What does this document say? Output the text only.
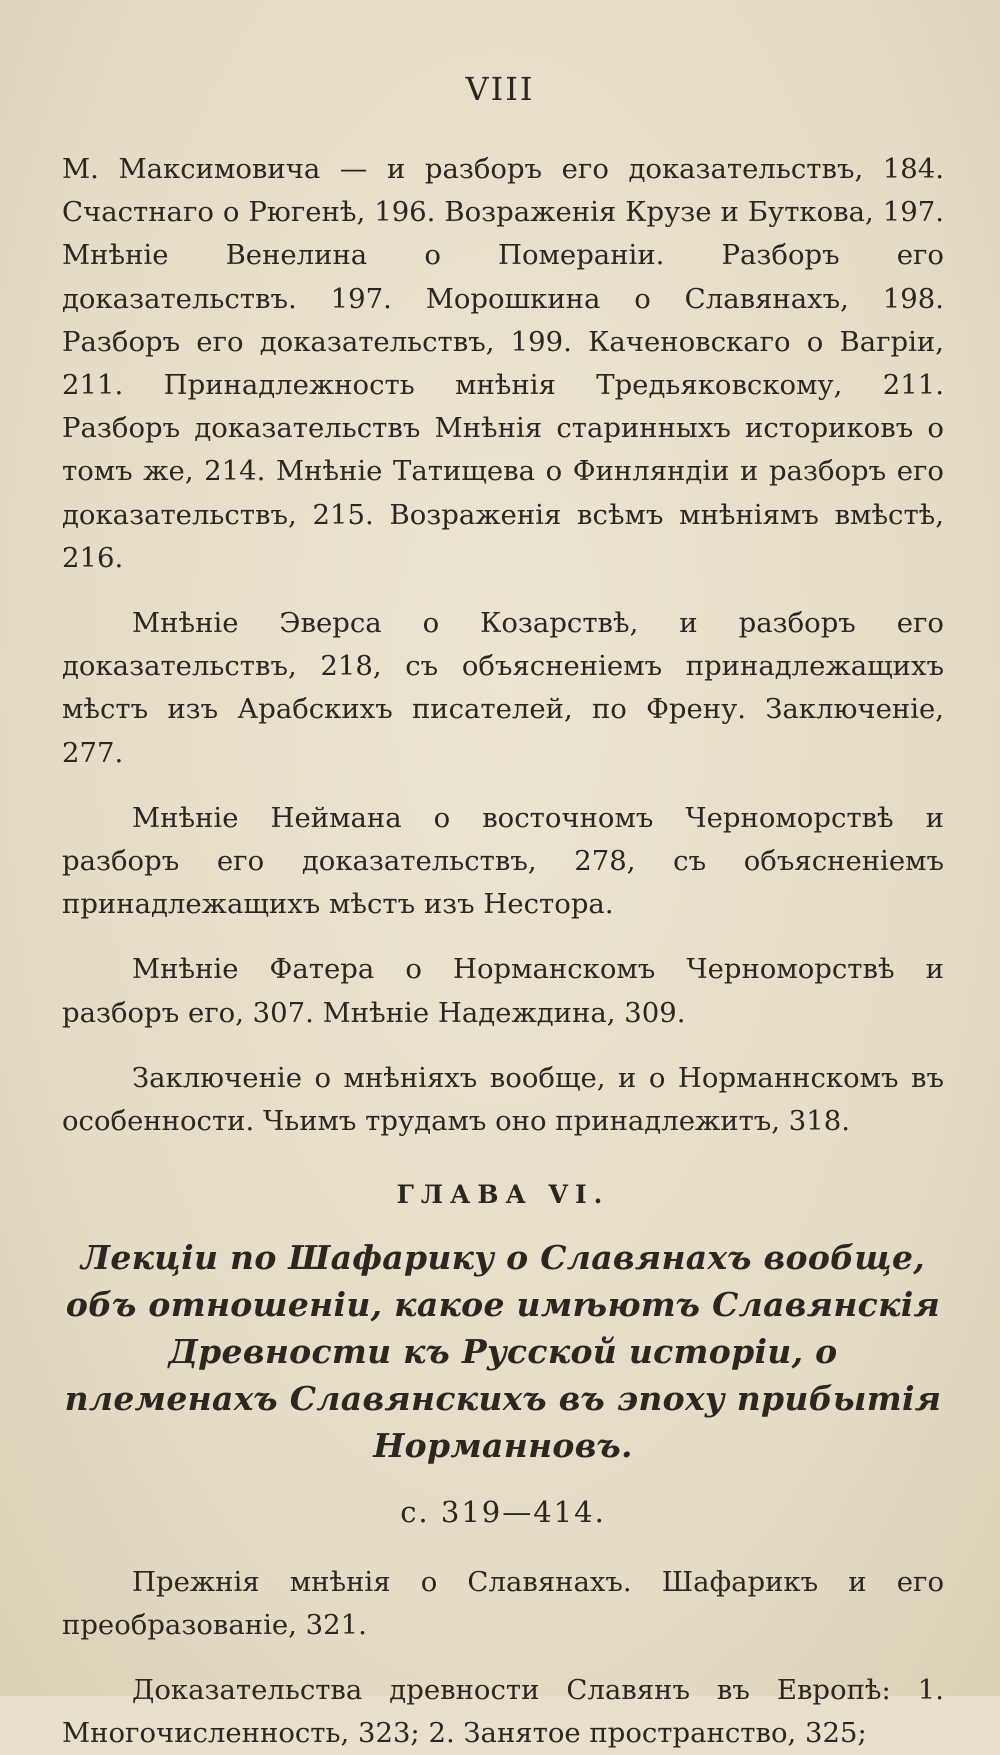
VIII

М. Максимовича — и разборъ его доказательствъ, 184. Счастнаго о Рюгенѣ, 196. Возраженія Крузе и Буткова, 197. Мнѣніе Венелина о Помераніи. Разборъ его доказательствъ. 197. Морошкина о Славянахъ, 198. Разборъ его доказательствъ, 199. Каченовскаго о Вагріи, 211. Принадлежность мнѣнія Тредьяковскому, 211. Разборъ доказательствъ Мнѣнія старинныхъ историковъ о томъ же, 214. Мнѣніе Татищева о Финляндіи и разборъ его доказательствъ, 215. Возраженія всѣмъ мнѣніямъ вмѣстѣ, 216.

Мнѣніе Эверса о Козарствѣ, и разборъ его доказательствъ, 218, съ объясненіемъ принадлежащихъ мѣстъ изъ Арабскихъ писателей, по Френу. Заключеніе, 277.

Мнѣніе Неймана о восточномъ Черноморствѣ и разборъ его доказательствъ, 278, съ объясненіемъ принадлежащихъ мѣстъ изъ Нестора.

Мнѣніе Фатера о Норманскомъ Черноморствѣ и разборъ его, 307. Мнѣніе Надеждина, 309.

Заключеніе о мнѣніяхъ вообще, и о Норманнскомъ въ особенности. Чьимъ трудамъ оно принадлежитъ, 318.

ГЛАВА VI.

Лекціи по Шафарику о Славянахъ вообще, объ отношеніи, какое имѣютъ Славянскія Древности къ Русской исторіи, о племенахъ Славянскихъ въ эпоху прибытія Норманновъ.

с. 319—414.

Прежнія мнѣнія о Славянахъ. Шафарикъ и его преобразованіе, 321.

Доказательства древности Славянъ въ Европѣ: 1. Многочисленность, 323; 2. Занятое пространство, 325;
